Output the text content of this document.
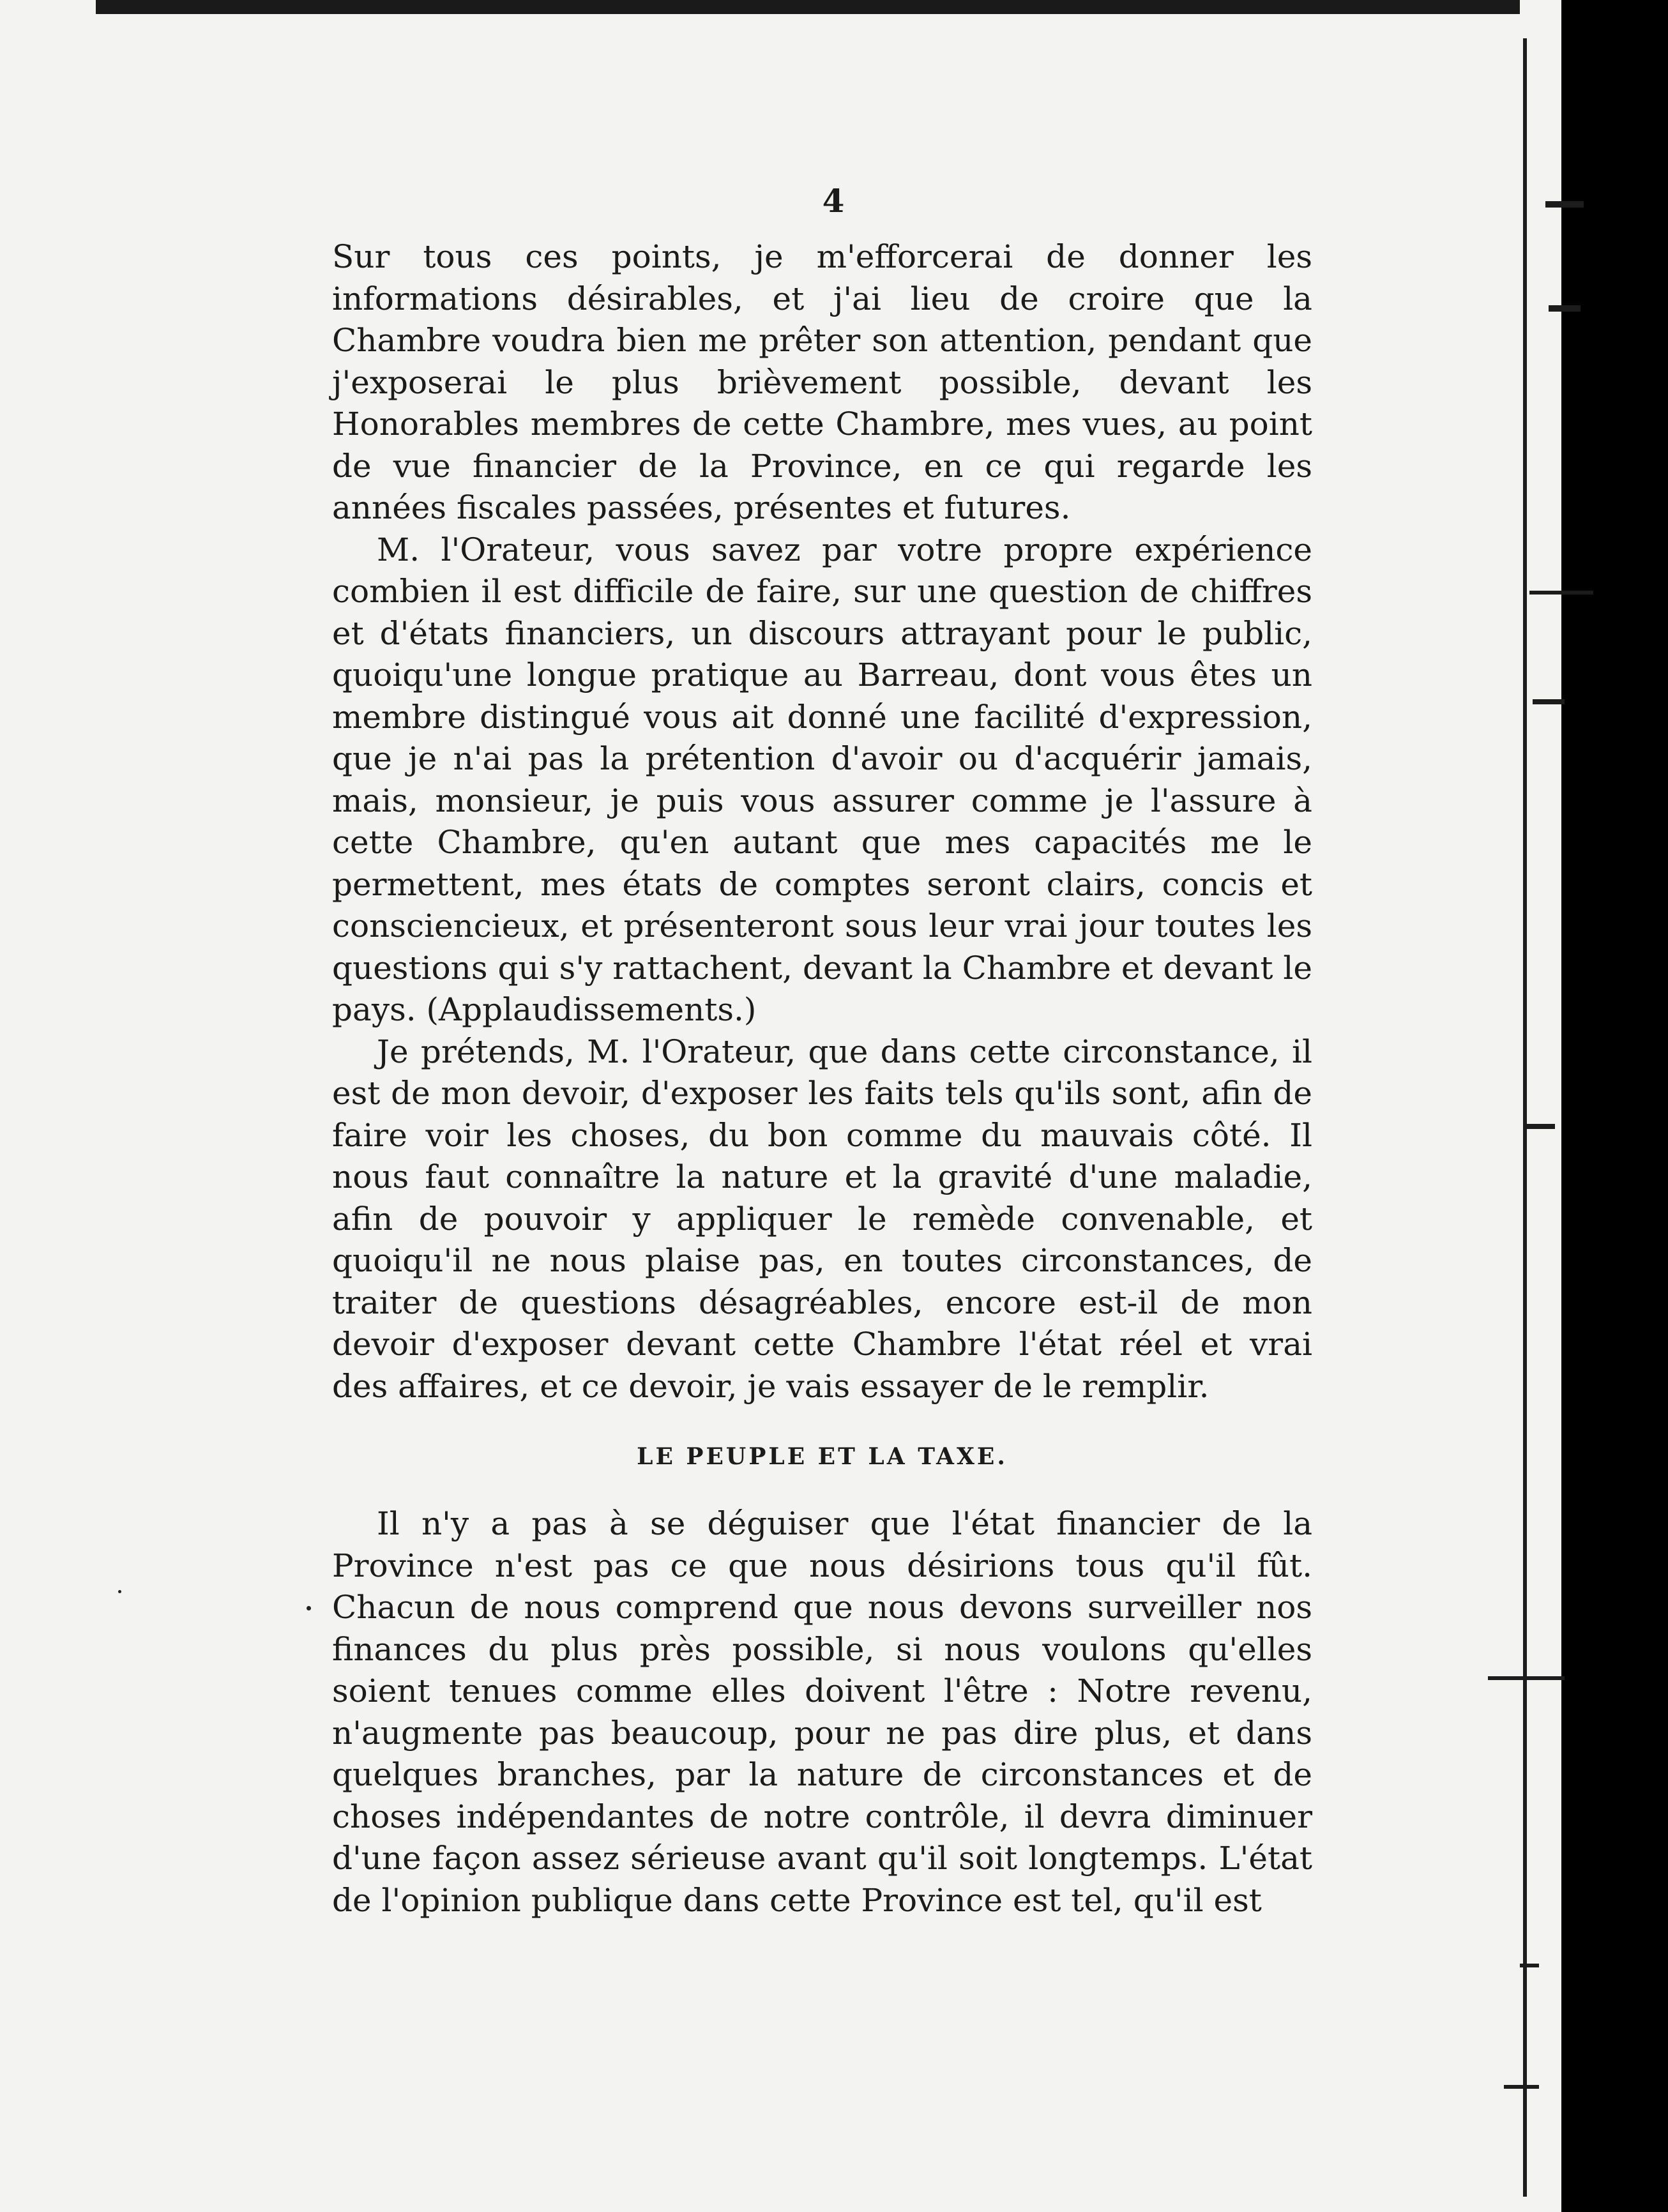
4

Sur tous ces points, je m'efforcerai de donner les informations désirables, et j'ai lieu de croire que la Chambre voudra bien me prêter son attention, pendant que j'exposerai le plus brièvement possible, devant les Honorables membres de cette Chambre, mes vues, au point de vue financier de la Province, en ce qui regarde les années fiscales passées, présentes et futures.

M. l'Orateur, vous savez par votre propre expérience combien il est difficile de faire, sur une question de chiffres et d'états financiers, un discours attrayant pour le public, quoiqu'une longue pratique au Barreau, dont vous êtes un membre distingué vous ait donné une facilité d'expression, que je n'ai pas la prétention d'avoir ou d'acquérir jamais, mais, monsieur, je puis vous assurer comme je l'assure à cette Chambre, qu'en autant que mes capacités me le permettent, mes états de comptes seront clairs, concis et consciencieux, et présenteront sous leur vrai jour toutes les questions qui s'y rattachent, devant la Chambre et devant le pays. (Applaudissements.)

Je prétends, M. l'Orateur, que dans cette circonstance, il est de mon devoir, d'exposer les faits tels qu'ils sont, afin de faire voir les choses, du bon comme du mauvais côté. Il nous faut connaître la nature et la gravité d'une maladie, afin de pouvoir y appliquer le remède convenable, et quoiqu'il ne nous plaise pas, en toutes circonstances, de traiter de questions désagréables, encore est-il de mon devoir d'exposer devant cette Chambre l'état réel et vrai des affaires, et ce devoir, je vais essayer de le remplir.

LE PEUPLE ET LA TAXE.

Il n'y a pas à se déguiser que l'état financier de la Province n'est pas ce que nous désirions tous qu'il fût. Chacun de nous comprend que nous devons surveiller nos finances du plus près possible, si nous voulons qu'elles soient tenues comme elles doivent l'être : Notre revenu, n'augmente pas beaucoup, pour ne pas dire plus, et dans quelques branches, par la nature de circonstances et de choses indépendantes de notre contrôle, il devra diminuer d'une façon assez sérieuse avant qu'il soit longtemps. L'état de l'opinion publique dans cette Province est tel, qu'il est
